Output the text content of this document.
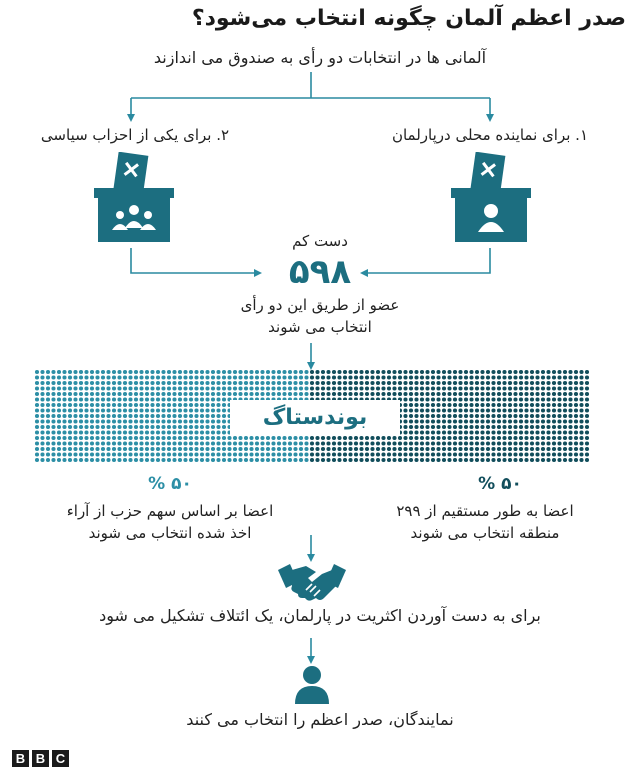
صدر اعظم آلمان چگونه انتخاب می‌شود؟
آلمانی ها در انتخابات دو رأی به صندوق می اندازند
۱. برای نماینده محلی درپارلمان
۲. برای یکی از احزاب سیاسی
دست کم
۵۹۸
عضو از طریق این دو رأی
انتخاب می شوند
بوندستاگ
۵۰ %
اعضا به طور مستقیم از ۲۹۹
منطقه انتخاب می شوند
۵۰ %
اعضا بر اساس سهم حزب از آراء
اخذ شده انتخاب می شوند
برای به دست آوردن اکثریت در پارلمان، یک ائتلاف تشکیل می شود
نمایندگان، صدر اعظم را انتخاب می کنند
B B C
